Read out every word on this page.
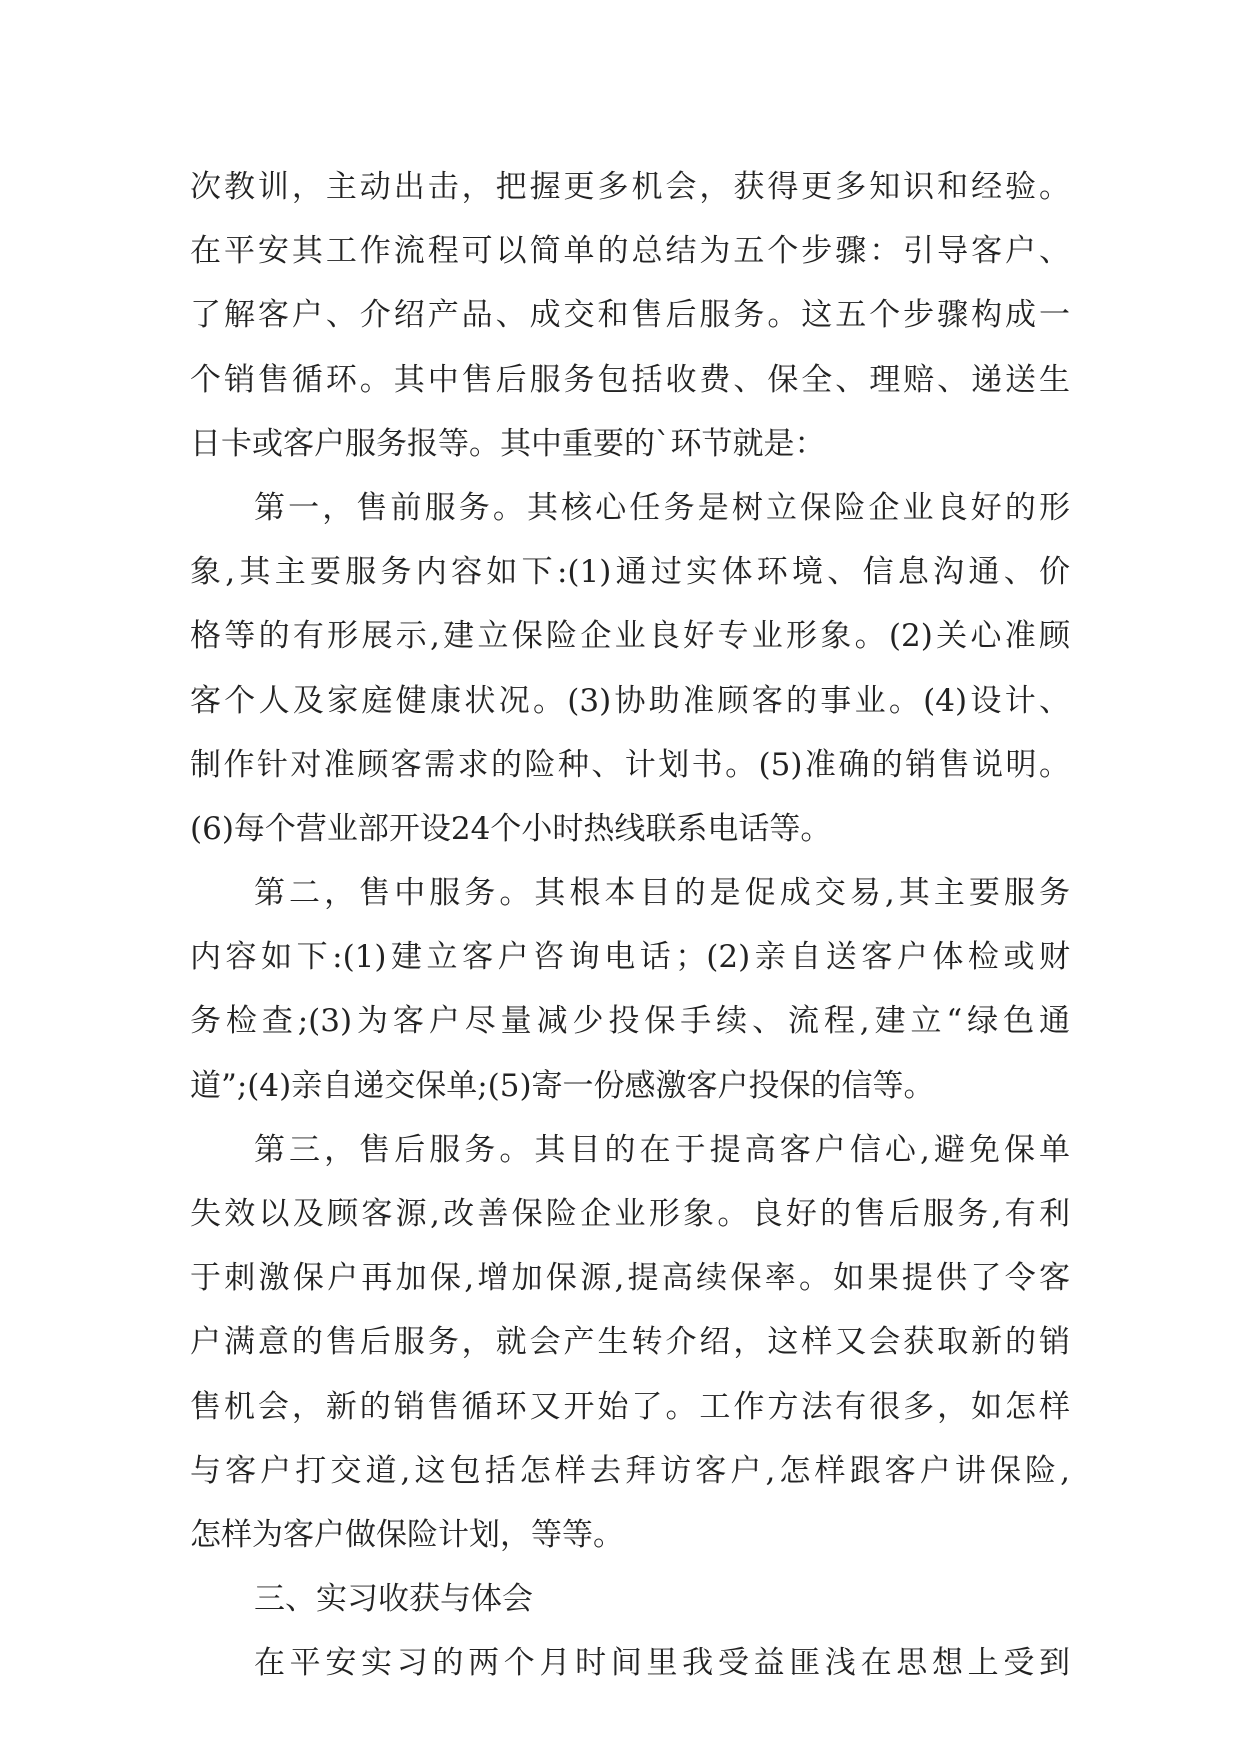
次教训，主动出击，把握更多机会，获得更多知识和经验。
在平安其工作流程可以简单的总结为五个步骤：引导客户、
了解客户、介绍产品、成交和售后服务。这五个步骤构成一
个销售循环。其中售后服务包括收费、保全、理赔、递送生
日卡或客户服务报等。其中重要的`环节就是：
第一，售前服务。其核心任务是树立保险企业良好的形
象,其主要服务内容如下:(1)通过实体环境、信息沟通、价
格等的有形展示,建立保险企业良好专业形象。(2)关心准顾
客个人及家庭健康状况。(3)协助准顾客的事业。(4)设计、
制作针对准顾客需求的险种、计划书。(5)准确的销售说明。
(6)每个营业部开设24个小时热线联系电话等。
第二，售中服务。其根本目的是促成交易,其主要服务
内容如下:(1)建立客户咨询电话；(2)亲自送客户体检或财
务检查;(3)为客户尽量减少投保手续、流程,建立“绿色通
道”;(4)亲自递交保单;(5)寄一份感激客户投保的信等。
第三，售后服务。其目的在于提高客户信心,避免保单
失效以及顾客源,改善保险企业形象。良好的售后服务,有利
于刺激保户再加保,增加保源,提高续保率。如果提供了令客
户满意的售后服务，就会产生转介绍，这样又会获取新的销
售机会，新的销售循环又开始了。工作方法有很多，如怎样
与客户打交道,这包括怎样去拜访客户,怎样跟客户讲保险,
怎样为客户做保险计划，等等。
三、实习收获与体会
在平安实习的两个月时间里我受益匪浅在思想上受到
